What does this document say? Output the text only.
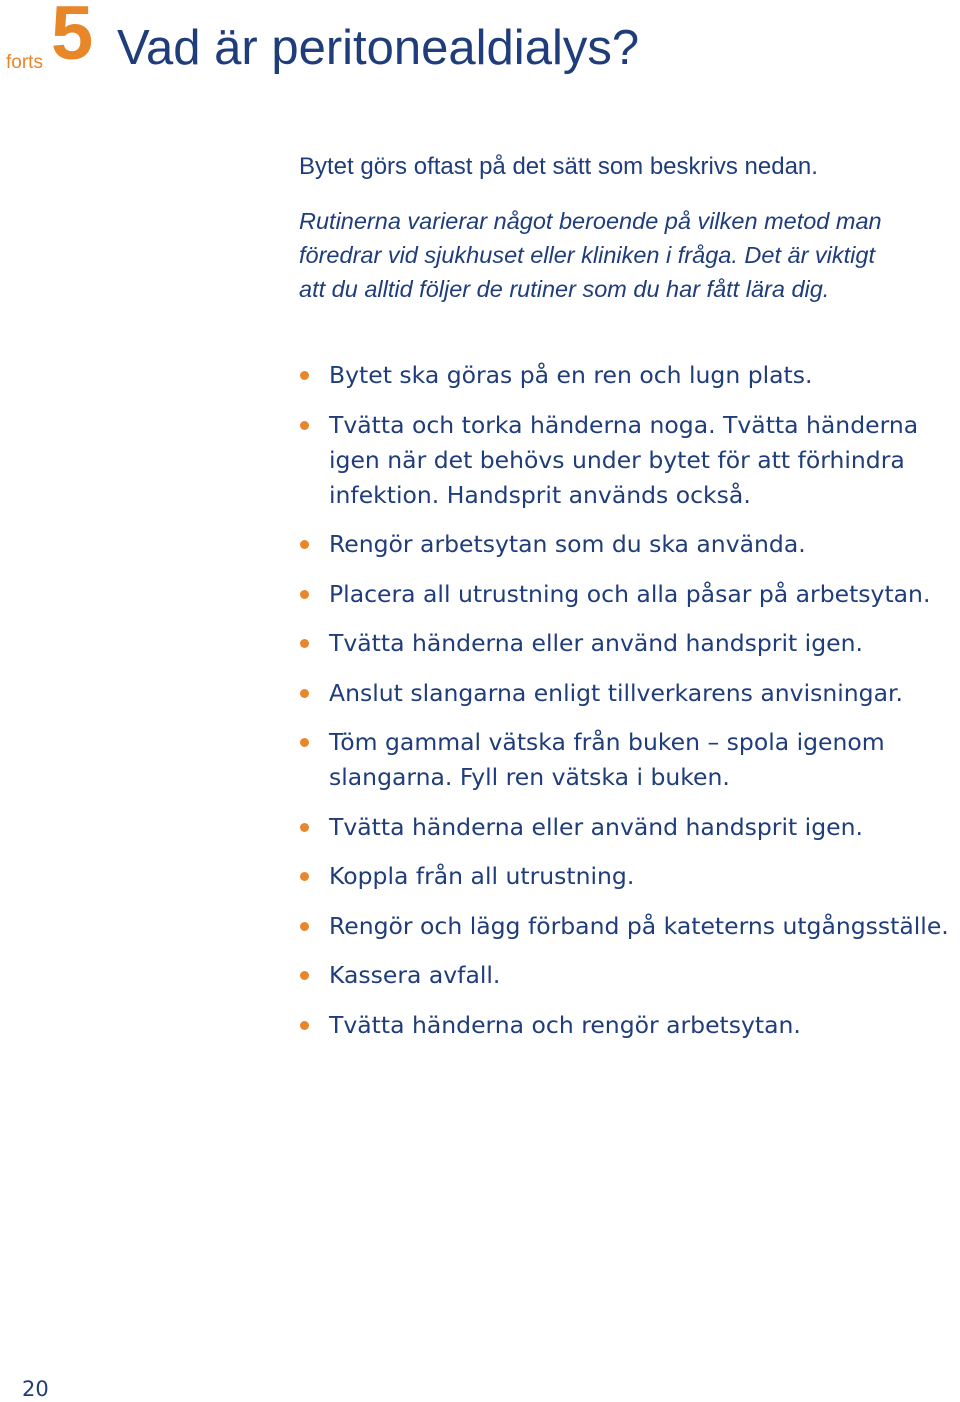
forts 5 Vad är peritonealdialys?
Bytet görs oftast på det sätt som beskrivs nedan.

Rutinerna varierar något beroende på vilken metod man
föredrar vid sjukhuset eller kliniken i fråga. Det är viktigt
att du alltid följer de rutiner som du har fått lära dig.

Bytet ska göras på en ren och lugn plats.
Tvätta och torka händerna noga. Tvätta händerna
igen när det behövs under bytet för att förhindra
infektion. Handsprit används också.
Rengör arbetsytan som du ska använda.
Placera all utrustning och alla påsar på arbetsytan.
Tvätta händerna eller använd handsprit igen.
Anslut slangarna enligt tillverkarens anvisningar.
Töm gammal vätska från buken – spola igenom
slangarna. Fyll ren vätska i buken.
Tvätta händerna eller använd handsprit igen.
Koppla från all utrustning.
Rengör och lägg förband på kateterns utgångsställe.
Kassera avfall.
Tvätta händerna och rengör arbetsytan.
20
